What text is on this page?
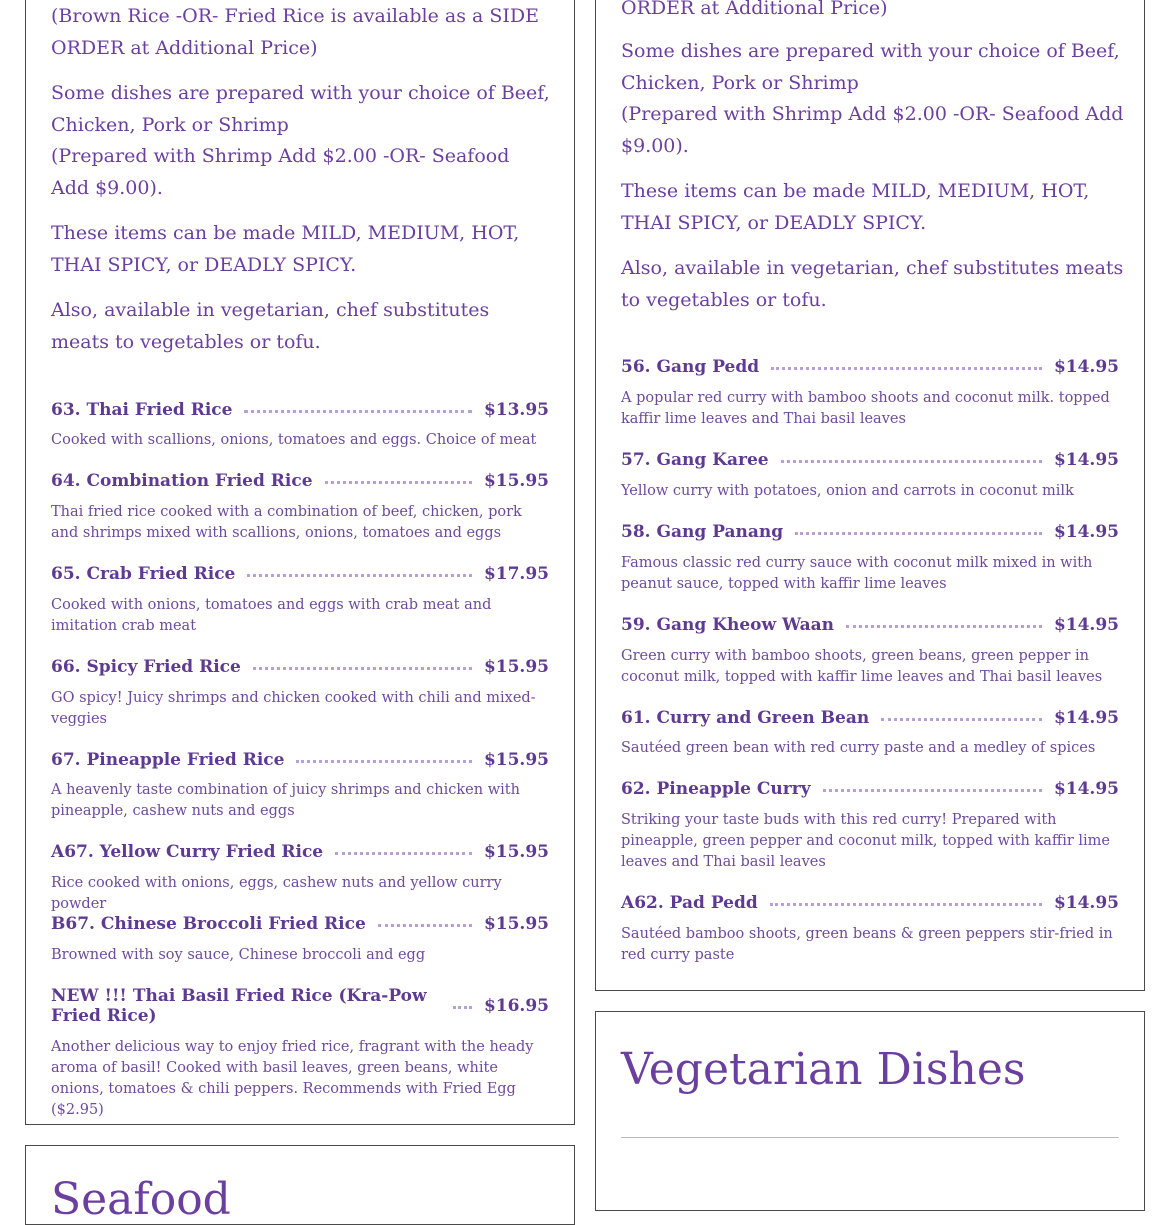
(Brown Rice -OR- Fried Rice is available as a SIDE ORDER at Additional Price)

Some dishes are prepared with your choice of Beef, Chicken, Pork or Shrimp

(Prepared with Shrimp Add $2.00 -OR- Seafood Add $9.00).

These items can be made MILD, MEDIUM, HOT, THAI SPICY, or DEADLY SPICY.

Also, available in vegetarian, chef substitutes meats to vegetables or tofu.

63. Thai Fried Rice	$13.95
Cooked with scallions, onions, tomatoes and eggs. Choice of meat
64. Combination Fried Rice	$15.95
Thai fried rice cooked with a combination of beef, chicken, pork and shrimps mixed with scallions, onions, tomatoes and eggs
65. Crab Fried Rice	$17.95
Cooked with onions, tomatoes and eggs with crab meat and imitation crab meat
66. Spicy Fried Rice	$15.95
GO spicy! Juicy shrimps and chicken cooked with chili and mixed-veggies
67. Pineapple Fried Rice	$15.95
A heavenly taste combination of juicy shrimps and chicken with pineapple, cashew nuts and eggs
A67. Yellow Curry Fried Rice	$15.95
Rice cooked with onions, eggs, cashew nuts and yellow curry powder
B67. Chinese Broccoli Fried Rice	$15.95
Browned with soy sauce, Chinese broccoli and egg
NEW !!! Thai Basil Fried Rice (Kra-Pow Fried Rice)	$16.95
Another delicious way to enjoy fried rice, fragrant with the heady aroma of basil! Cooked with basil leaves, green beans, white onions, tomatoes & chili peppers. Recommends with Fried Egg ($2.95)
Seafood

ORDER at Additional Price)

Some dishes are prepared with your choice of Beef, Chicken, Pork or Shrimp

(Prepared with Shrimp Add $2.00 -OR- Seafood Add $9.00).

These items can be made MILD, MEDIUM, HOT, THAI SPICY, or DEADLY SPICY.

Also, available in vegetarian, chef substitutes meats to vegetables or tofu.

56. Gang Pedd	$14.95
A popular red curry with bamboo shoots and coconut milk. topped kaffir lime leaves and Thai basil leaves
57. Gang Karee	$14.95
Yellow curry with potatoes, onion and carrots in coconut milk
58. Gang Panang	$14.95
Famous classic red curry sauce with coconut milk mixed in with peanut sauce, topped with kaffir lime leaves
59. Gang Kheow Waan	$14.95
Green curry with bamboo shoots, green beans, green pepper in coconut milk, topped with kaffir lime leaves and Thai basil leaves
61. Curry and Green Bean	$14.95
Sautéed green bean with red curry paste and a medley of spices
62. Pineapple Curry	$14.95
Striking your taste buds with this red curry! Prepared with pineapple, green pepper and coconut milk, topped with kaffir lime leaves and Thai basil leaves
A62. Pad Pedd	$14.95
Sautéed bamboo shoots, green beans & green peppers stir-fried in red curry paste
Vegetarian Dishes
